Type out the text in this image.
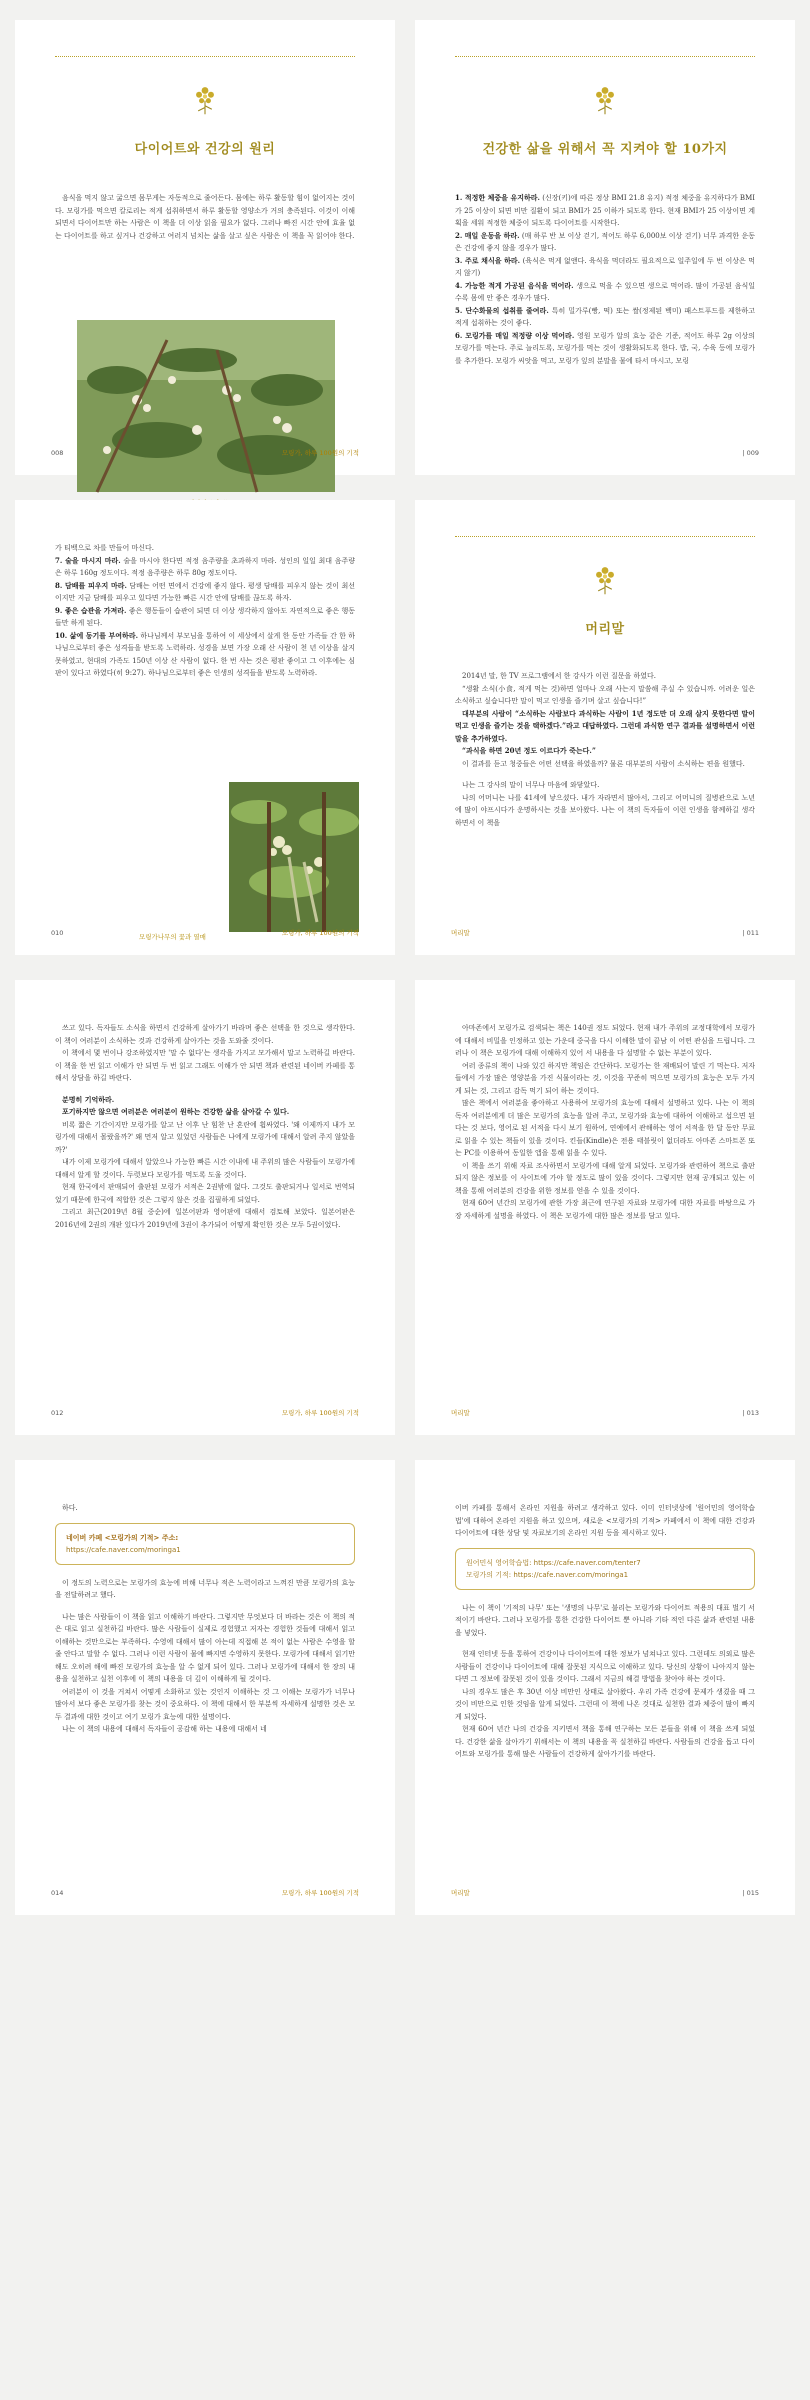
다이어트와 건강의 원리

음식을 먹지 않고 굶으면 몸무게는 자동적으로 줄어든다. 몸에는 하루 활동할 힘이 없어지는 것이다. 모링가를 먹으면 칼로리는 적게 섭취하면서 하루 활동할 영양소가 거의 충족된다. 이것이 이해되면서 다이어트만 하는 사람은 이 책을 더 이상 읽을 필요가 없다. 그러나 빠진 시간 안에 효율 없는 다이어트를 하고 싶거나 건강하고 여러지 넘치는 삶을 살고 싶은 사람은 이 책을 꼭 읽어야 한다.

008	모링가, 하루 100원의 기적
건강한 삶을 위해서 꼭 지켜야 할 10가지

1. 적정한 체중을 유지하라. (신장(키)에 따른 정상 BMI 21.8 유지) 적정 체중을 유지하다가 BMI가 25 이상이 되면 비만 질환이 되고 BMI가 25 이하가 되도록 한다. 현재 BMI가 25 이상이면 계획을 세워 적정한 체중이 되도록 다이어트를 시작한다.

2. 매일 운동을 하라. (매 하루 반 보 이상 걷기, 적어도 하루 6,000보 이상 걷기) 너무 과격한 운동은 건강에 좋지 않을 경우가 많다.

3. 주로 채식을 하라. (육식은 먹게 없앤다. 육식을 먹더라도 필요적으로 일주일에 두 번 이상은 먹지 않기)

4. 가능한 적게 가공된 음식을 먹어라. 생으로 먹을 수 있으면 생으로 먹어라. 많이 가공된 음식일수록 몸에 안 좋은 경우가 많다.

5. 단수화물의 섭취를 줄여라. 특히 밀가루(빵, 떡) 또는 쌀(정제된 백미) 패스트푸드를 제한하고 적게 섭취하는 것이 좋다.

6. 모링가를 매일 적정량 이상 먹어라. 영원 모링가 알의 효능 같은 기준, 적어도 하루 2g 이상의 모링가를 먹는다. 주로 늘리도록, 모링가를 먹는 것이 생활화되도록 한다. 밥, 국, 수육 등에 모링가를 추가한다. 모링가 씨앗을 먹고, 모링가 잎의 분말을 물에 타서 마시고, 모링

| 009

가 티백으로 차를 만들어 마신다.

7. 술을 마시지 마라. 술을 마시야 한다면 적정 음주량을 초과하지 마라. 성인의 일일 최대 음주량은 하루 160g 정도이다. 적정 음주량은 하루 80g 정도이다.

8. 담배를 피우지 마라. 담배는 어떤 면에서 건강에 좋지 않다. 평생 담배를 피우지 않는 것이 최선이지만 지금 담배를 피우고 있다면 가능한 빠른 시간 안에 담배를 끊도록 하자.

9. 좋은 습관을 가져라. 좋은 행동들이 습관이 되면 더 이상 생각하지 않아도 자연적으로 좋은 행동들만 하게 된다.

10. 삶에 동기를 부여하라. 하나님께서 부모님을 통하여 이 세상에서 살게 한 동안 가족들 간 한 하나님으로부터 좋은 성격들을 받도록 노력하라. 성경을 보면 가장 오래 산 사람이 천 년 이상을 살지 못하였고, 현대의 가족도 150년 이상 산 사람이 없다. 한 번 사는 것은 평판 좋이고 그 이후에는 심판이 있다고 하였다(히 9:27). 하나님으로부터 좋은 인생의 성격들을 받도록 노력하라.

모링가나무의 꽃과 열매
010	모링가, 하루 100원의 기적
머리말

2014년 말, 한 TV 프로그램에서 한 강사가 이런 질문을 하였다.

“생활 소식(小食, 적게 먹는 것)하면 얼마나 오래 사는지 말씀해 주실 수 있습니까. 어려운 일은 소식하고 싶습니다만 말이 먹고 인생을 즐기며 살고 싶습니다!”

대부분의 사람이 “소식하는 사람보다 과식하는 사람이 1년 정도만 더 오래 살지 못한다면 말이 먹고 인생을 즐기는 것을 택하겠다.”라고 대답하였다. 그런데 과식한 연구 결과를 설명하면서 이런 말을 추가하였다.

“과식을 하면 20년 정도 이르다가 죽는다.”

이 결과를 듣고 청중들은 어떤 선택을 하였을까? 물론 대부분의 사람이 소식하는 편을 원했다.

나는 그 강사의 말이 너무나 마음에 와닿았다.

나의 어머니는 나를 41세에 낳으셨다. 내가 자라면서 많아서, 그리고 어머니의 질병관으로 노년에 많이 야프시다가 운명하시는 것을 보아왔다. 나는 이 책의 독자들이 이런 인생을 함께하길 생각하면서 이 책을

머리말	| 011

쓰고 있다. 독자들도 소식을 하면서 건강하게 살아가기 바라며 좋은 선택을 한 것으로 생각한다. 이 책이 여러분이 소식하는 것과 건강하게 살아가는 것을 도와줄 것이다.

이 책에서 몇 번이나 강조하였지만 '말 수 없다'는 생각을 가지고 모가해서 말고 노력하길 바란다. 이 책을 한 번 읽고 이해가 안 되면 두 번 읽고 그래도 이해가 안 되면 책과 관련된 네이버 카페를 통해서 상담을 하길 바란다.

분명히 기억하라.

포기하지만 않으면 여러분은 여러분이 원하는 건강한 삶을 살아갈 수 있다.

비록 짧은 기간이지만 모링가를 알고 난 이후 난 힘찬 난 혼란에 휩싸였다. '왜 이제까지 내가 모링가에 대해서 몰랐을까?' 왜 먼저 알고 있었던 사람들은 나에게 모링가에 대해서 알려 주지 않았을까?'

내가 이제 모링가에 대해서 알았으나 가능한 빠른 시간 이내에 내 주위의 많은 사람들이 모링가에 대해서 알게 할 것이다. 두렷보다 모링가를 먹도록 도울 것이다.

현재 한국에서 판매되어 출판된 모링가 서적은 2권밖에 없다. 그것도 출판되거나 일서로 번역되었기 때문에 한국에 적합한 것은 그렇지 않은 것을 집필하게 되었다.

그리고 최근(2019년 8월 중순)에 일본어판과 영어판에 대해서 검토해 보았다. 일본어판은 2016년에 2권의 개판 있다가 2019년에 3권이 추가되어 어떻게 확인한 것은 모두 5권이었다.

012	모링가, 하루 100원의 기적

아마존에서 모링가로 검색되는 책은 140권 정도 되었다. 현재 내가 주위의 교정대학에서 모링가에 대해서 비밀을 인정하고 있는 가운데 중국을 다시 이해한 말이 끝남 이 어떤 관심을 드립니다. 그러나 이 책은 모링가에 대해 이해하지 있어 서 내용을 다 설명할 수 없는 부분이 있다.

여러 종류의 책이 나와 있긴 하지만 책임은 간단하다. 모링가는 한 재배되어 말린 기 먹는다. 저자들에서 가장 많은 영양분을 가진 식물이라는 것, 이것을 꾸준히 먹으면 모링가의 효능은 모두 가지게 되는 것, 그리고 감독 먹기 되어 하는 것이다.

많은 책에서 여러분을 좋아하고 사용하여 모링가의 효능에 대해서 설명하고 있다. 나는 이 책의 독자 여러분에게 더 많은 모링가의 효능을 알려 주고, 모링가와 효능에 대하여 이해하고 섭으면 된다는 것 보다, 영어로 된 서적을 다시 보기 원하여, 연예에서 관해하는 영어 서적을 한 달 동안 무료로 읽을 수 있는 책들이 있을 것이다. 킨들(Kindle)은 전용 태블릿이 없더라도 아마존 스마트폰 또는 PC를 이용하여 동일한 앱을 통해 읽을 수 있다.

이 책을 쓰기 위해 자료 조사하면서 모링가에 대해 알게 되었다. 모링가와 관련하여 책으로 출판되지 않은 정보를 이 사이트에 가야 할 정도로 많이 있을 것이다. 그렇지만 현재 공개되고 있는 이 책을 통해 여러분의 건강을 위한 정보를 얻을 수 있을 것이다.

현재 60여 년간의 모링가에 관한 가장 최근에 연구된 자료와 모링가에 대한 자료를 바탕으로 가장 자세하게 설명을 하였다. 이 책은 모링가에 대한 많은 정보를 담고 있다.

머리말	| 013

하다.

네이버 카페 <모링가의 기적> 주소:
https://cafe.naver.com/moringa1

이 정도의 노력으로는 모링가의 효능에 비해 너무나 적은 노력이라고 느껴진 만큼 모링가의 효능을 전달하려고 했다.

나는 많은 사람들이 이 책을 읽고 이해하기 바란다. 그렇지만 무엇보다 더 바라는 것은 이 책의 적은 대로 읽고 실천하길 바란다. 많은 사람들이 실제로 경험했고 저자는 경험한 것들에 대해서 읽고 이해하는 것만으로는 부족하다. 수영에 대해서 많이 아는데 직접해 본 적이 없는 사람은 수영을 할 줄 안다고 말할 수 없다. 그러나 이런 사람이 물에 빠지면 수영하지 못한다. 모링가에 대해서 읽기만 해도 오히려 해에 빠진 모링가의 효능을 알 수 없게 되어 있다. 그러나 모링가에 대해서 한 장의 내용을 실천하고 실천 이후에 이 책의 내용을 더 깊이 이해하게 될 것이다.

여러분이 이 것을 거쳐서 어떻게 소화하고 있는 것인지 이해하는 것 그 이해는 모링가가 너무나 많아서 보다 좋은 모링가를 찾는 것이 중요하다. 이 책에 대해서 한 부분씩 자세하게 설명한 것은 모두 결과에 대한 것이고 여기 모링가 효능에 대한 설명이다.

나는 이 책의 내용에 대해서 독자들이 공감해 하는 내용에 대해서 네

014	모링가, 하루 100원의 기적

이버 카페를 통해서 온라인 지원을 하려고 생각하고 있다. 이미 인터넷상에 '원어민의 영어학습법'에 대하여 온라인 지원을 하고 있으며, 새로운 <모링가의 기적> 카페에서 이 책에 대한 건강과 다이어트에 대한 상담 및 자료보기의 온라인 지원 등을 제시하고 있다.

원어민식 영어학습법: https://cafe.naver.com/tenter7
모링가의 기적: https://cafe.naver.com/moringa1

나는 이 책이 '기적의 나무' 또는 '생명의 나무'로 불리는 모링가와 다이어트 적용의 대표 벌기 서적이기 바란다. 그러나 모링가를 통한 건강한 다이어트 뿐 아니라 기타 적인 다른 삶과 관련된 내용을 넣었다.

현재 인터넷 등을 통하여 건강이나 다이어트에 대한 정보가 넘쳐나고 있다. 그런데도 의외로 많은 사람들이 건강이나 다이어트에 대해 잘못된 지식으로 이해하고 있다. 당신의 상황이 나아지지 않는다면 그 정보에 잘못된 것이 있을 것이다. 그래서 지금의 해결 방법을 찾아야 하는 것이다.

나의 경우도 많은 후 30년 이상 비만인 상태로 살아왔다. 우리 가족 건강에 문제가 생겼을 때 그것이 비만으로 인한 것임을 알게 되었다. 그런데 이 책에 나온 것대로 실천한 결과 체중이 많이 빠지게 되었다.

현재 60여 년간 나의 건강을 지키면서 책을 통해 연구하는 모든 분들을 위해 이 책을 쓰게 되었다. 건강한 삶을 살아가기 위해서는 이 책의 내용을 꼭 실천하길 바란다. 사람들의 건강을 돕고 다이어트와 모링가를 통해 많은 사람들이 건강하게 살아가기를 바란다.

머리말	| 015
